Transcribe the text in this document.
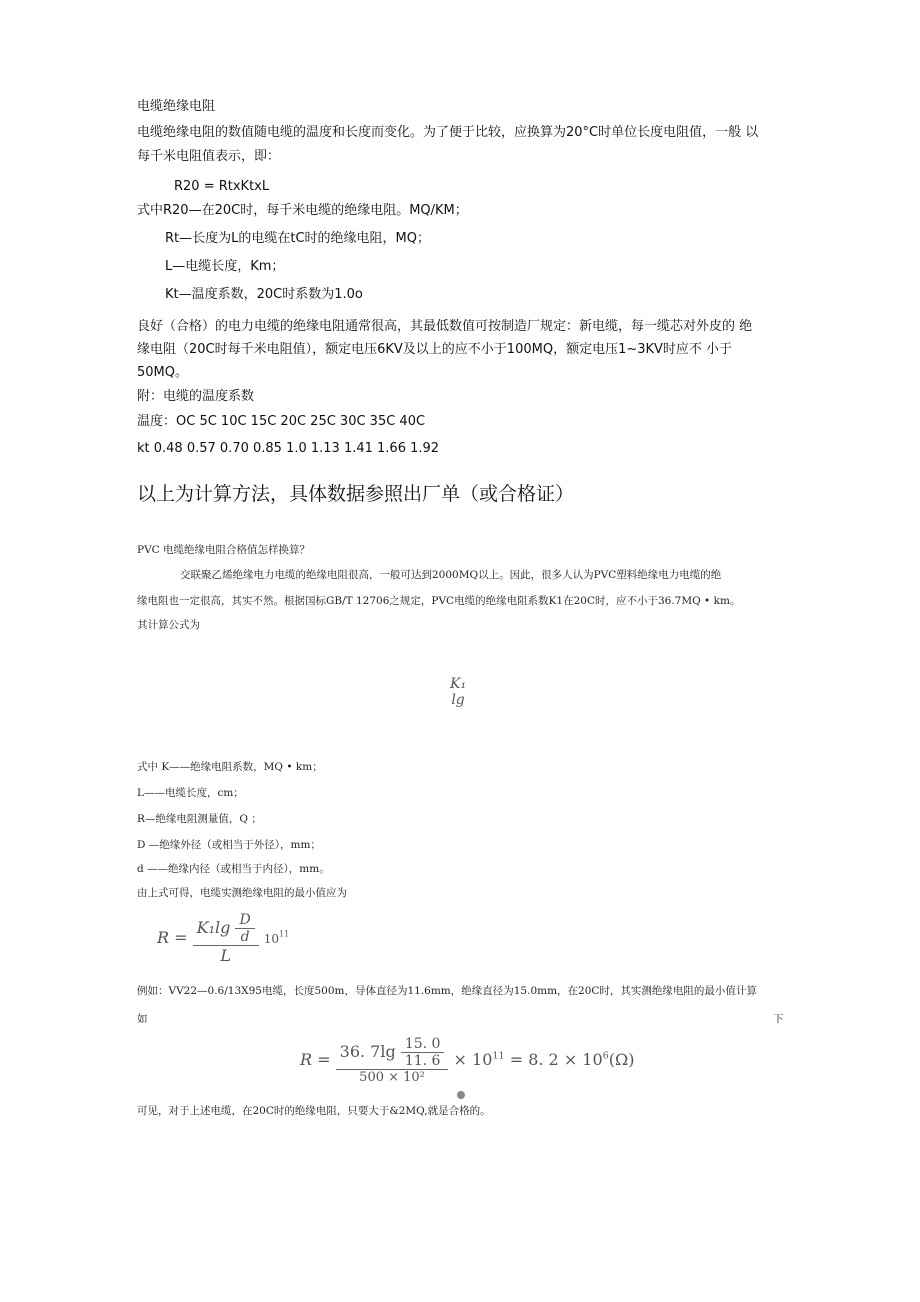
电缆绝缘电阻
电缆绝缘电阻的数值随电缆的温度和长度而变化。为了便于比较，应换算为20°C时单位长度电阻值，一般 以
每千米电阻值表示，即：
R20 = RtxKtxL
式中R20—在20C时，每千米电缆的绝缘电阻。MQ/KM；
Rt—长度为L的电缆在tC时的绝缘电阻，MQ；
L—电缆长度，Km；
Kt—温度系数，20C时系数为1.0o
良好（合格）的电力电缆的绝缘电阻通常很高，其最低数值可按制造厂规定：新电缆，每一缆芯对外皮的 绝
缘电阻（20C时每千米电阻值），额定电压6KV及以上的应不小于100MQ，额定电压1~3KV时应不 小于
50MQ。
附：电缆的温度系数
温度：OC 5C 10C 15C 20C 25C 30C 35C 40C
kt 0.48 0.57 0.70 0.85 1.0 1.13 1.41 1.66 1.92
以上为计算方法，具体数据参照出厂单（或合格证）
PVC 电缆绝缘电阻合格值怎样换算？
交联聚乙烯绝缘电力电缆的绝缘电阻很高，一般可达到2000MQ以上。因此，很多人认为PVC塑料绝缘电力电缆的绝
缘电阻也一定很高，其实不然。根据国标GB/T 12706之规定，PVC电缆的绝缘电阻系数K1在20C时，应不小于36.7MQ • km。
其计算公式为
K₁
lg
式中 K——绝缘电阻系数，MQ • km；
L——电缆长度，cm；
R—绝缘电阻测量值，Q ；
D —绝缘外径（或相当于外径），mm；
d ——绝缘内径（或相当于内径），mm。
由上式可得，电缆实测绝缘电阻的最小值应为
$R = \frac{K_1\lg \frac{D}{d}}{L} 10^{11}$
例如：VV22—0.6/13X95电缆，长度500m，导体直径为11.6mm，绝缘直径为15.0mm，在20C时，其实测绝缘电阻的最小值计算
如	下
$R = \frac{36. 7\lg \frac{15. 0}{11. 6}}{\text{500 × 10²}} \times 10^{11} = 8$. $2 \times 10^6(\Omega)$
可见，对于上述电缆，在20C时的绝缘电阻，只要大于&2MQ,就是合格的。
